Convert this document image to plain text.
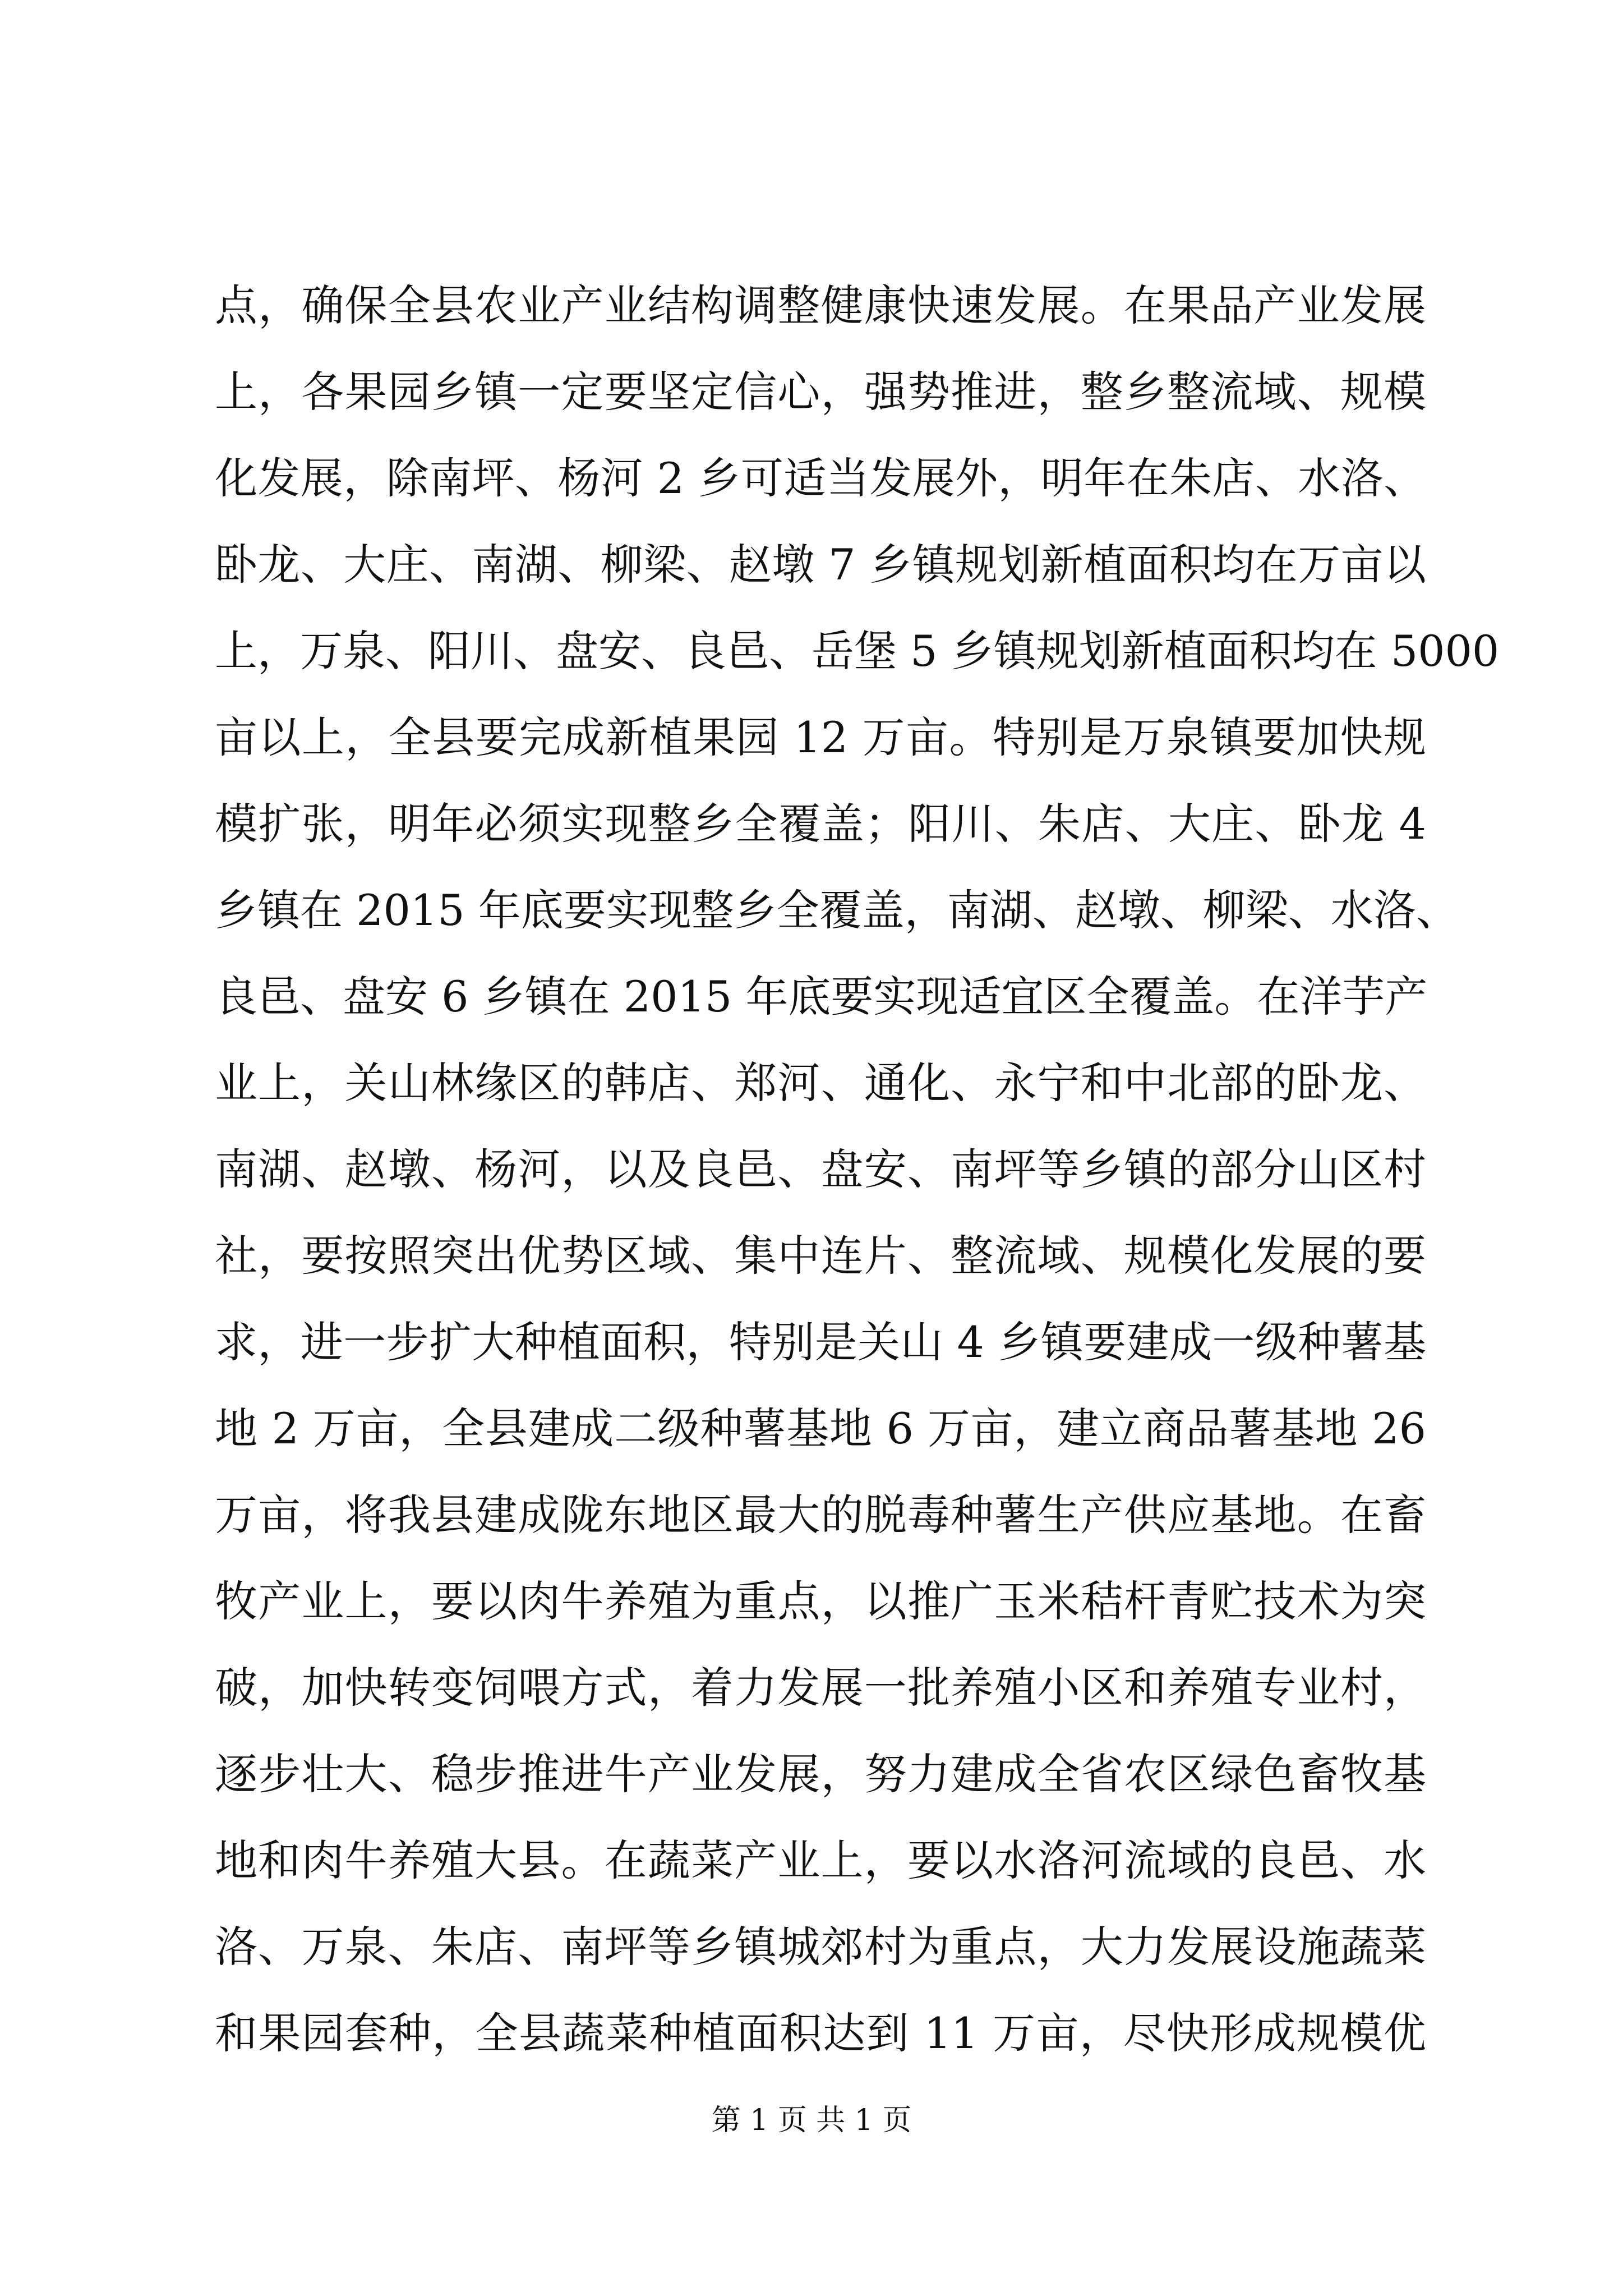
点，确保全县农业产业结构调整健康快速发展。在果品产业发展
上，各果园乡镇一定要坚定信心，强势推进，整乡整流域、规模
化发展，除南坪、杨河 2 乡可适当发展外，明年在朱店、水洛、
卧龙、大庄、南湖、柳梁、赵墩 7 乡镇规划新植面积均在万亩以
上，万泉、阳川、盘安、良邑、岳堡 5 乡镇规划新植面积均在 5000
亩以上，全县要完成新植果园 12 万亩。特别是万泉镇要加快规
模扩张，明年必须实现整乡全覆盖；阳川、朱店、大庄、卧龙 4
乡镇在 2015 年底要实现整乡全覆盖，南湖、赵墩、柳梁、水洛、
良邑、盘安 6 乡镇在 2015 年底要实现适宜区全覆盖。在洋芋产
业上，关山林缘区的韩店、郑河、通化、永宁和中北部的卧龙、
南湖、赵墩、杨河，以及良邑、盘安、南坪等乡镇的部分山区村
社，要按照突出优势区域、集中连片、整流域、规模化发展的要
求，进一步扩大种植面积，特别是关山 4 乡镇要建成一级种薯基
地 2 万亩，全县建成二级种薯基地 6 万亩，建立商品薯基地 26
万亩，将我县建成陇东地区最大的脱毒种薯生产供应基地。在畜
牧产业上，要以肉牛养殖为重点，以推广玉米秸杆青贮技术为突
破，加快转变饲喂方式，着力发展一批养殖小区和养殖专业村，
逐步壮大、稳步推进牛产业发展，努力建成全省农区绿色畜牧基
地和肉牛养殖大县。在蔬菜产业上，要以水洛河流域的良邑、水
洛、万泉、朱店、南坪等乡镇城郊村为重点，大力发展设施蔬菜
和果园套种，全县蔬菜种植面积达到 11 万亩，尽快形成规模优
第 1 页 共 1 页
